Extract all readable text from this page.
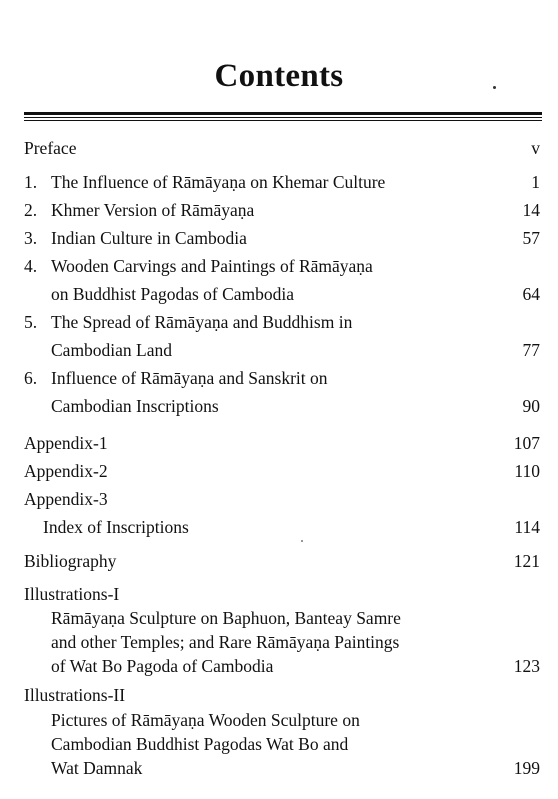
Contents
Preface	v
1. The Influence of Rāmāyaṇa on Khemar Culture	1
2. Khmer Version of Rāmāyaṇa	14
3. Indian Culture in Cambodia	57
4. Wooden Carvings and Paintings of Rāmāyaṇa
on Buddhist Pagodas of Cambodia	64
5. The Spread of Rāmāyaṇa and Buddhism in
Cambodian Land	77
6. Influence of Rāmāyaṇa and Sanskrit on
Cambodian Inscriptions	90
Appendix-1	107
Appendix-2	110
Appendix-3
Index of Inscriptions	114
Bibliography	121
Illustrations-I
Rāmāyaṇa Sculpture on Baphuon, Banteay Samre
and other Temples; and Rare Rāmāyaṇa Paintings
of Wat Bo Pagoda of Cambodia	123
Illustrations-II
Pictures of Rāmāyaṇa Wooden Sculpture on
Cambodian Buddhist Pagodas Wat Bo and
Wat Damnak	199
